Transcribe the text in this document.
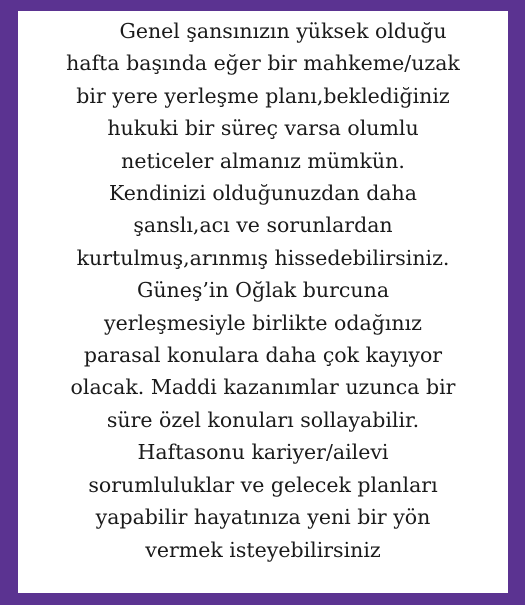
Genel şansınızın yüksek olduğu
hafta başında eğer bir mahkeme/uzak
bir yere yerleşme planı,beklediğiniz
hukuki bir süreç varsa olumlu
neticeler almanız mümkün.
Kendinizi olduğunuzdan daha
şanslı,acı ve sorunlardan
kurtulmuş,arınmış hissedebilirsiniz.
Güneş’in Oğlak burcuna
yerleşmesiyle birlikte odağınız
parasal konulara daha çok kayıyor
olacak. Maddi kazanımlar uzunca bir
süre özel konuları sollayabilir.
Haftasonu kariyer/ailevi
sorumluluklar ve gelecek planları
yapabilir hayatınıza yeni bir yön
vermek isteyebilirsiniz
